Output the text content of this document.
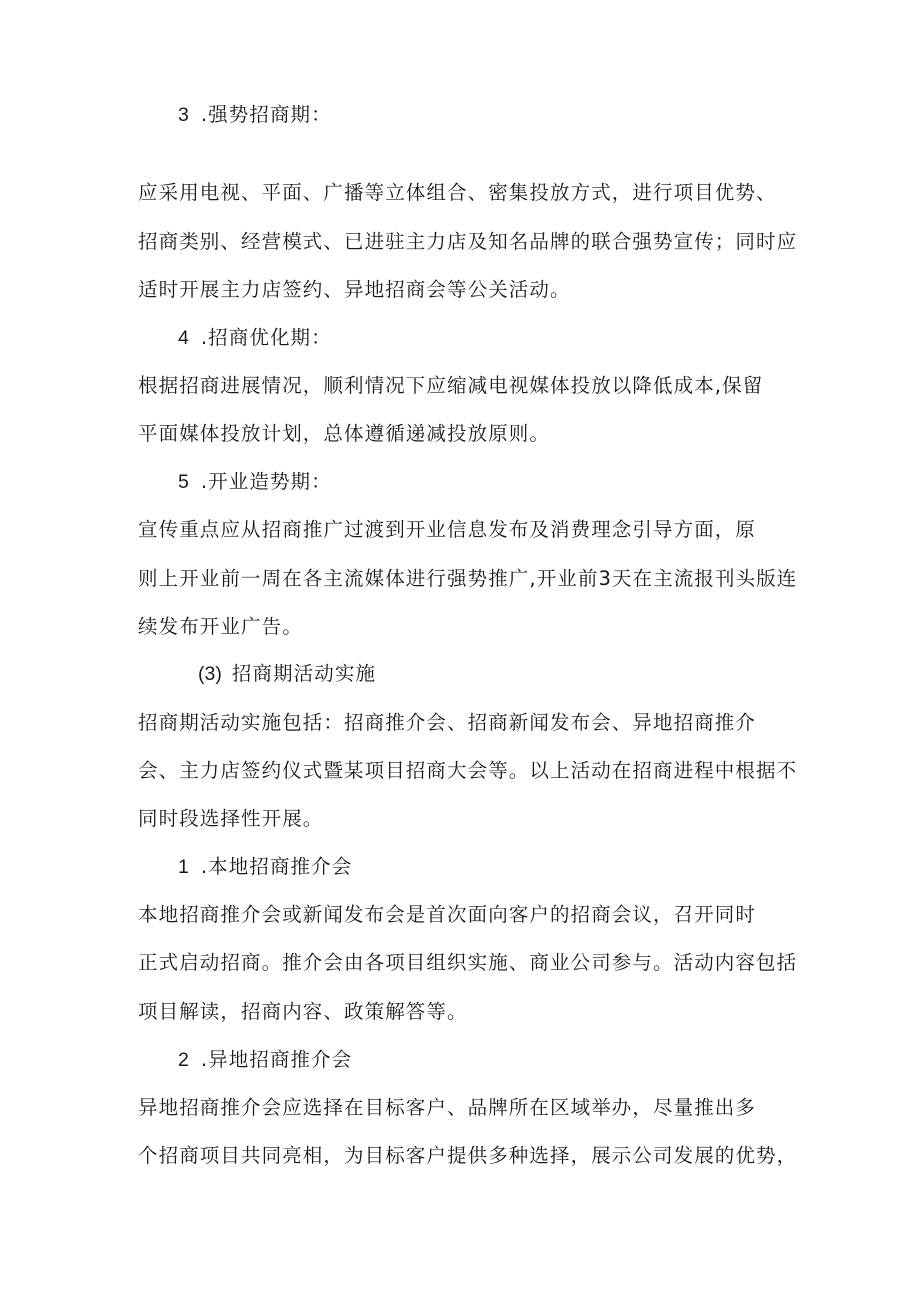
3 .强势招商期：
应采用电视、平面、广播等立体组合、密集投放方式，进行项目优势、
招商类别、经营模式、已进驻主力店及知名品牌的联合强势宣传；同时应
适时开展主力店签约、异地招商会等公关活动。
4 .招商优化期：
根据招商进展情况，顺利情况下应缩减电视媒体投放以降低成本,保留
平面媒体投放计划，总体遵循递减投放原则。
5 .开业造势期：
宣传重点应从招商推广过渡到开业信息发布及消费理念引导方面，原
则上开业前一周在各主流媒体进行强势推广,开业前3天在主流报刊头版连
续发布开业广告。
(3) 招商期活动实施
招商期活动实施包括：招商推介会、招商新闻发布会、异地招商推介
会、主力店签约仪式暨某项目招商大会等。以上活动在招商进程中根据不
同时段选择性开展。
1 .本地招商推介会
本地招商推介会或新闻发布会是首次面向客户的招商会议，召开同时
正式启动招商。推介会由各项目组织实施、商业公司参与。活动内容包括
项目解读，招商内容、政策解答等。
2 .异地招商推介会
异地招商推介会应选择在目标客户、品牌所在区域举办，尽量推出多
个招商项目共同亮相，为目标客户提供多种选择，展示公司发展的优势，
